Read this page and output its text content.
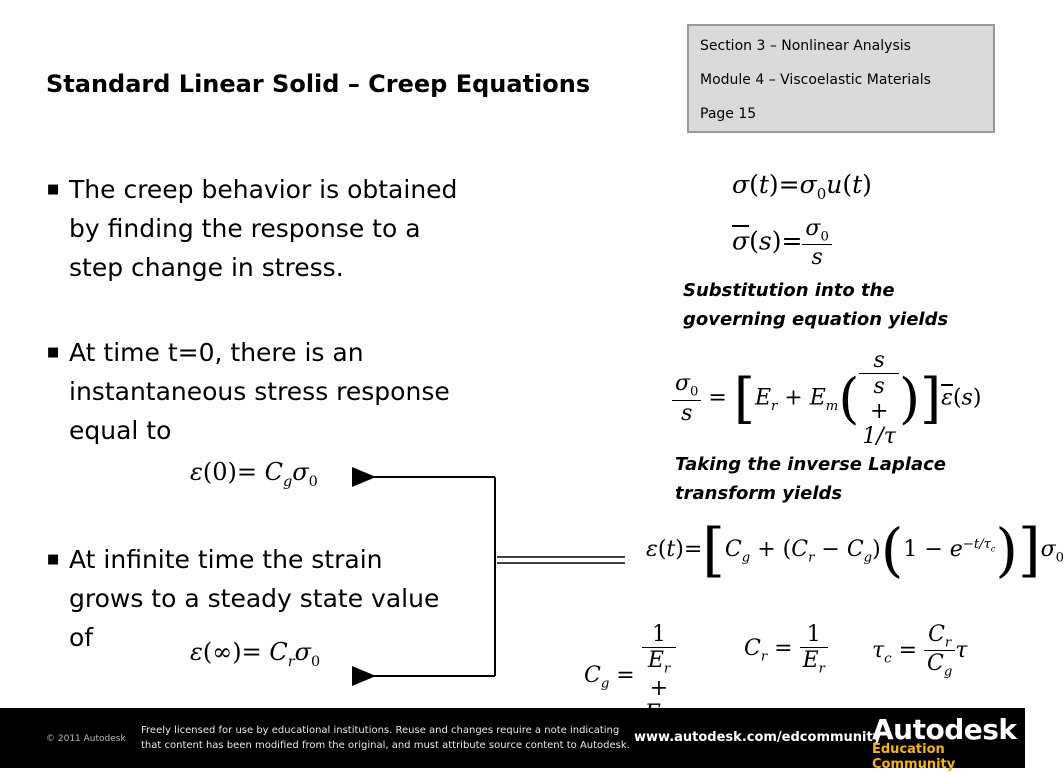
Standard Linear Solid – Creep Equations
Section 3 – Nonlinear Analysis
Module 4 – Viscoelastic Materials
Page 15
■ The creep behavior is obtained
by finding the response to a
step change in stress.
■ At time t=0, there is an
instantaneous stress response
equal to
■ At infinite time the strain
grows to a steady state value
of
$\varepsilon(0)= C_g\sigma_0$
$\varepsilon(\infty)= C_r\sigma_0$
$\sigma(t)=\sigma_0u(t)$
$\overline{\sigma}(s)= \frac{\sigma_0}{s}$
Substitution into the
governing equation yields
Taking the inverse Laplace
transform yields
$\frac{\sigma_0}{s} = [E_r + E_m$( s
s
+
1/τ )]$\overline{\varepsilon}(s)$
$\varepsilon(t)=[C_g + (C_r - C_g)(1 - e^{-t/\tau_c})]\sigma_0$
$C_g = 1$
$E_r$
+	$C_r = \frac{1}{E_r} \tau_c = \frac{C_r}{C_g}$ τ
© 2011 Autodesk
Freely licensed for use by educational institutions. Reuse and changes require a note indicating
that content has been modified from the original, and must attribute source content to Autodesk.
www.autodesk.com/edcommunity
Autodesk
Education Community
